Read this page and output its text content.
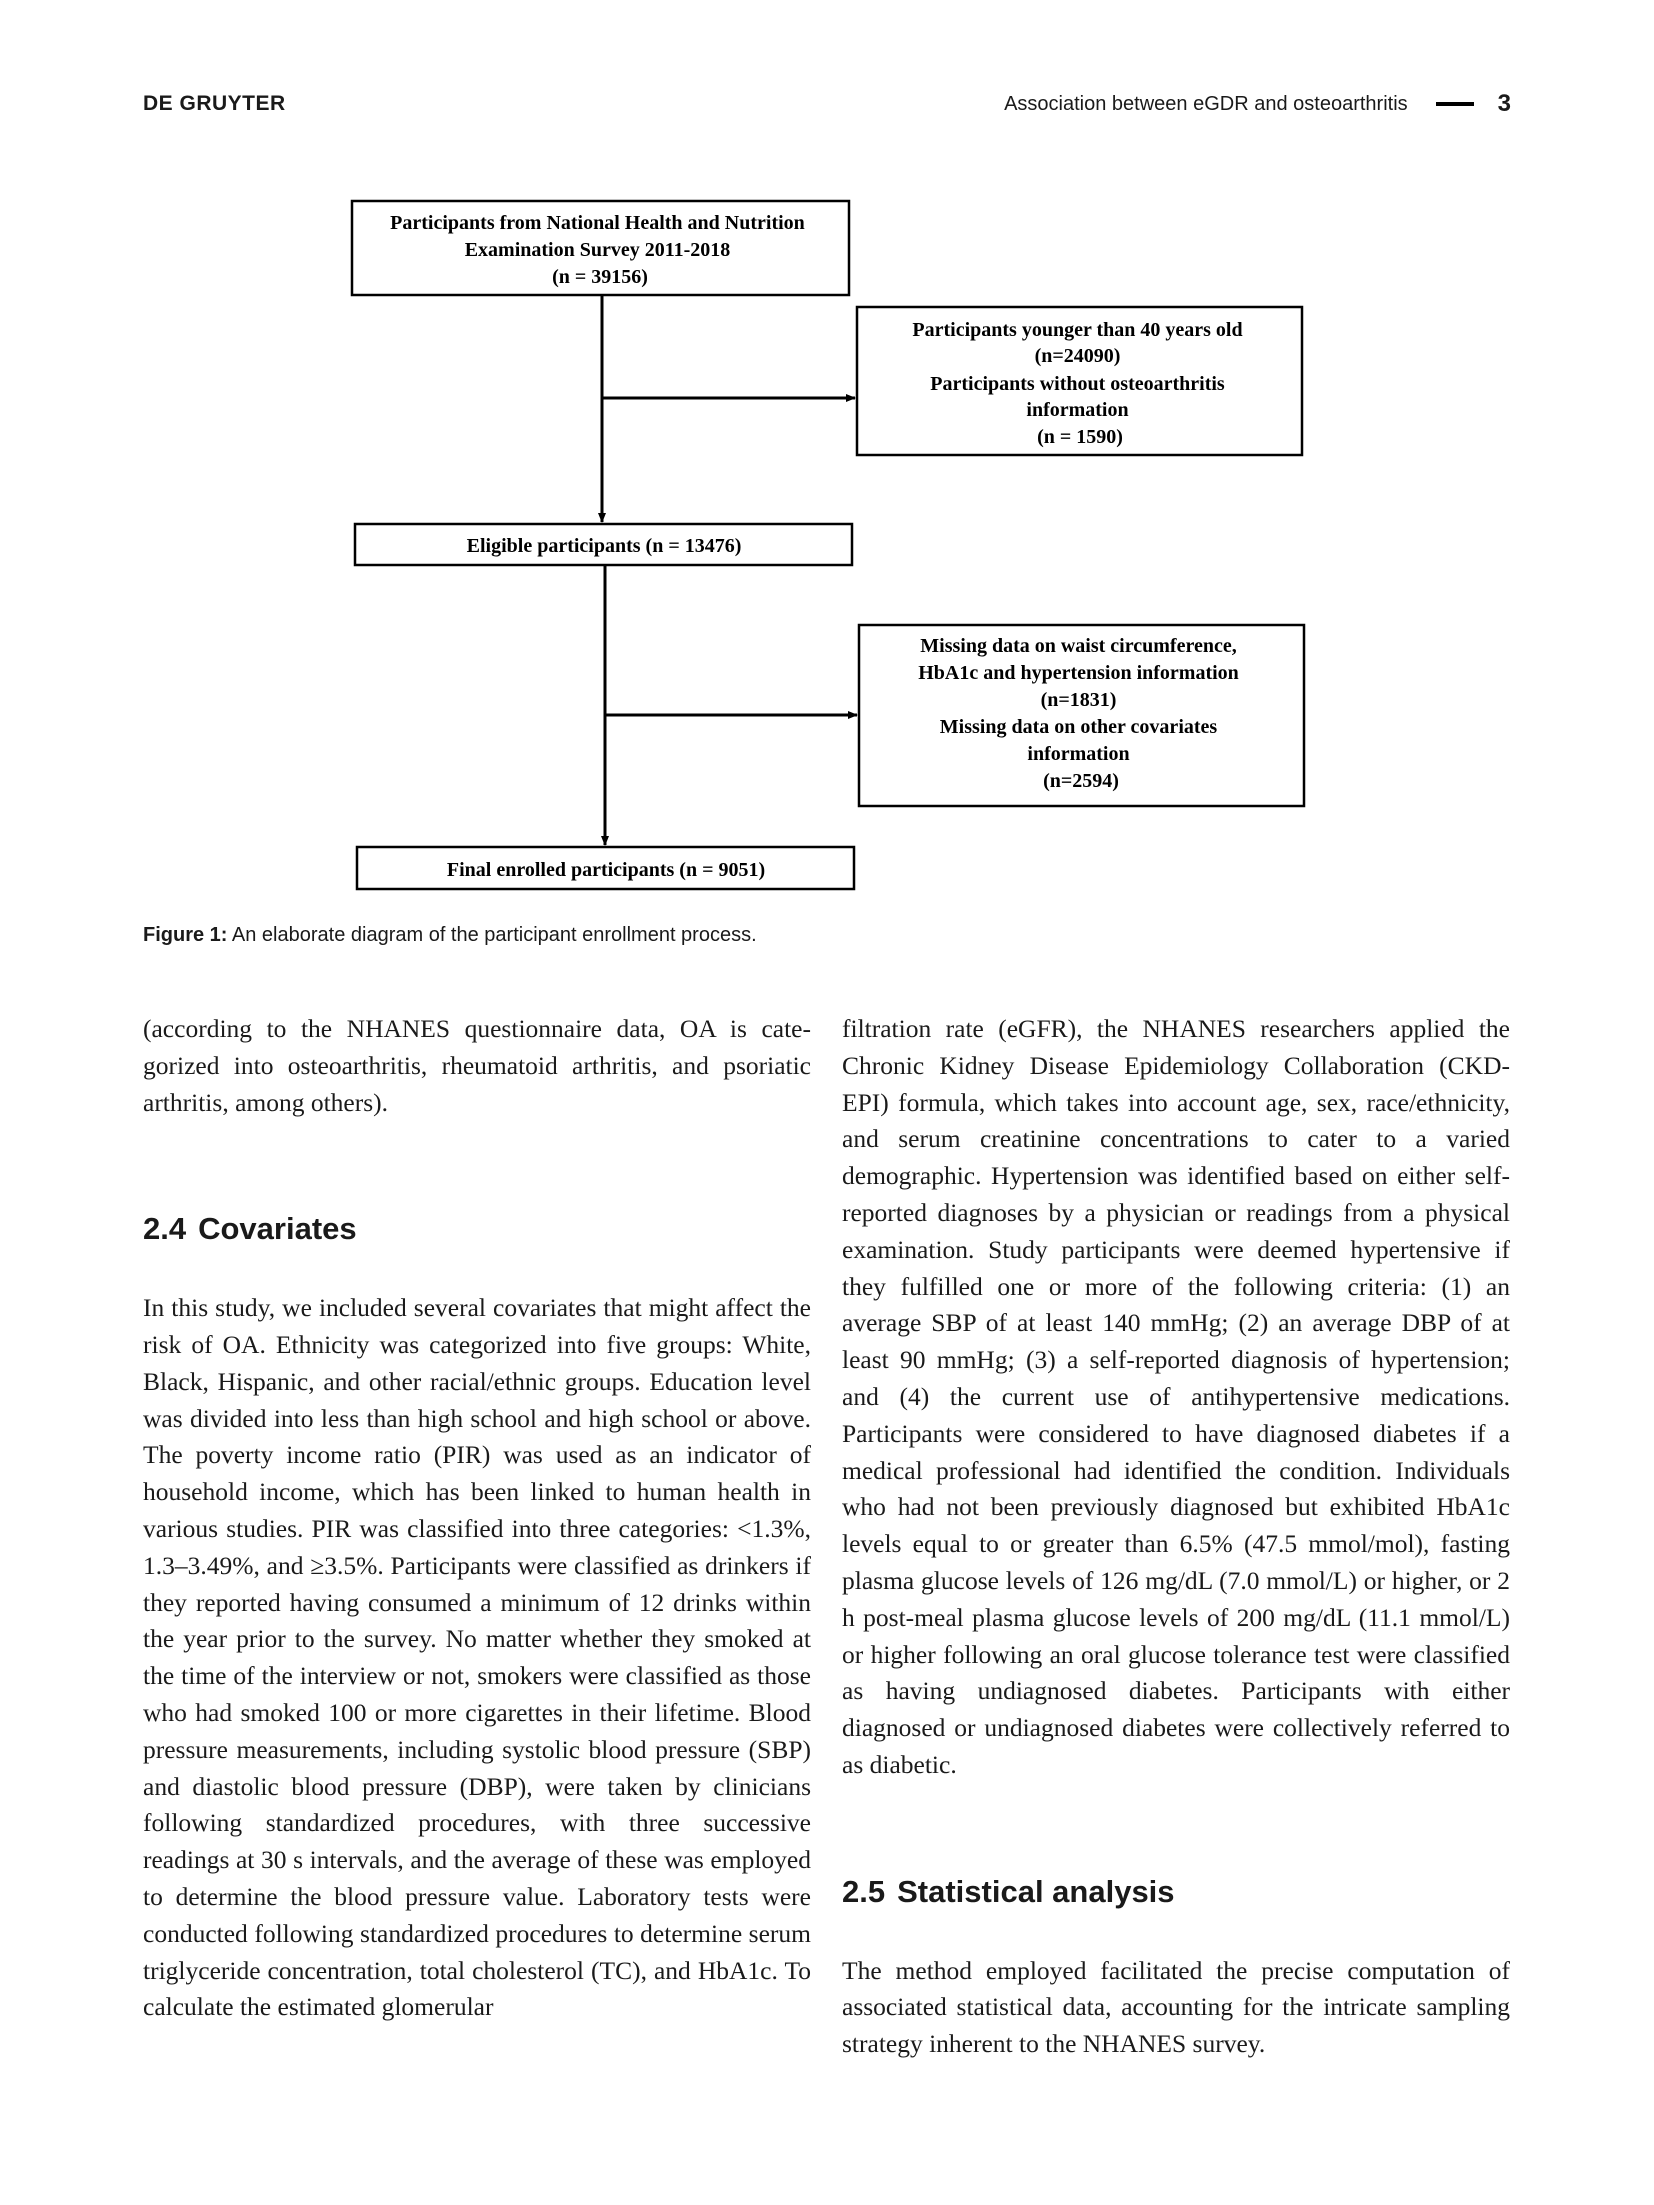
DE GRUYTER	Association between eGDR and osteoarthritis	3
Participants from National Health and Nutrition Examination Survey 2011-2018 (n = 39156)
Participants younger than 40 years old (n=24090) Participants without osteoarthritis information (n = 1590)
Eligible participants (n = 13476)
Missing data on waist circumference, HbA1c and hypertension information (n=1831) Missing data on other covariates information (n=2594)
Final enrolled participants (n = 9051)
Figure 1: An elaborate diagram of the participant enrollment process.

(according to the NHANES questionnaire data, OA is categorized into osteoarthritis, rheumatoid arthritis, and psoriatic arthritis, among others).

2.4 Covariates

In this study, we included several covariates that might affect the risk of OA. Ethnicity was categorized into five groups: White, Black, Hispanic, and other racial/ethnic groups. Education level was divided into less than high school and high school or above. The poverty income ratio (PIR) was used as an indicator of household income, which has been linked to human health in various studies. PIR was classified into three categories: <1.3%, 1.3–3.49%, and ≥3.5%. Participants were classified as drinkers if they reported having consumed a minimum of 12 drinks within the year prior to the survey. No matter whether they smoked at the time of the interview or not, smokers were classified as those who had smoked 100 or more cigarettes in their lifetime. Blood pressure measurements, including systolic blood pressure (SBP) and diastolic blood pressure (DBP), were taken by clinicians following standardized procedures, with three successive readings at 30 s intervals, and the average of these was employed to determine the blood pressure value. Laboratory tests were conducted following standardized procedures to determine serum triglyceride concentration, total cholesterol (TC), and HbA1c. To calculate the estimated glomerular

filtration rate (eGFR), the NHANES researchers applied the Chronic Kidney Disease Epidemiology Collaboration (CKD-EPI) formula, which takes into account age, sex, race/ethnicity, and serum creatinine concentrations to cater to a varied demographic. Hypertension was identified based on either self-reported diagnoses by a physician or readings from a physical examination. Study participants were deemed hypertensive if they fulfilled one or more of the following criteria: (1) an average SBP of at least 140 mmHg; (2) an average DBP of at least 90 mmHg; (3) a self-reported diagnosis of hypertension; and (4) the current use of antihypertensive medications. Participants were considered to have diagnosed diabetes if a medical professional had identified the condition. Individuals who had not been previously diagnosed but exhibited HbA1c levels equal to or greater than 6.5% (47.5 mmol/mol), fasting plasma glucose levels of 126 mg/dL (7.0 mmol/L) or higher, or 2 h post-meal plasma glucose levels of 200 mg/dL (11.1 mmol/L) or higher following an oral glucose tolerance test were classified as having undiagnosed diabetes. Participants with either diagnosed or undiagnosed diabetes were collectively referred to as diabetic.

2.5 Statistical analysis

The method employed facilitated the precise computation of associated statistical data, accounting for the intricate sampling strategy inherent to the NHANES survey.
